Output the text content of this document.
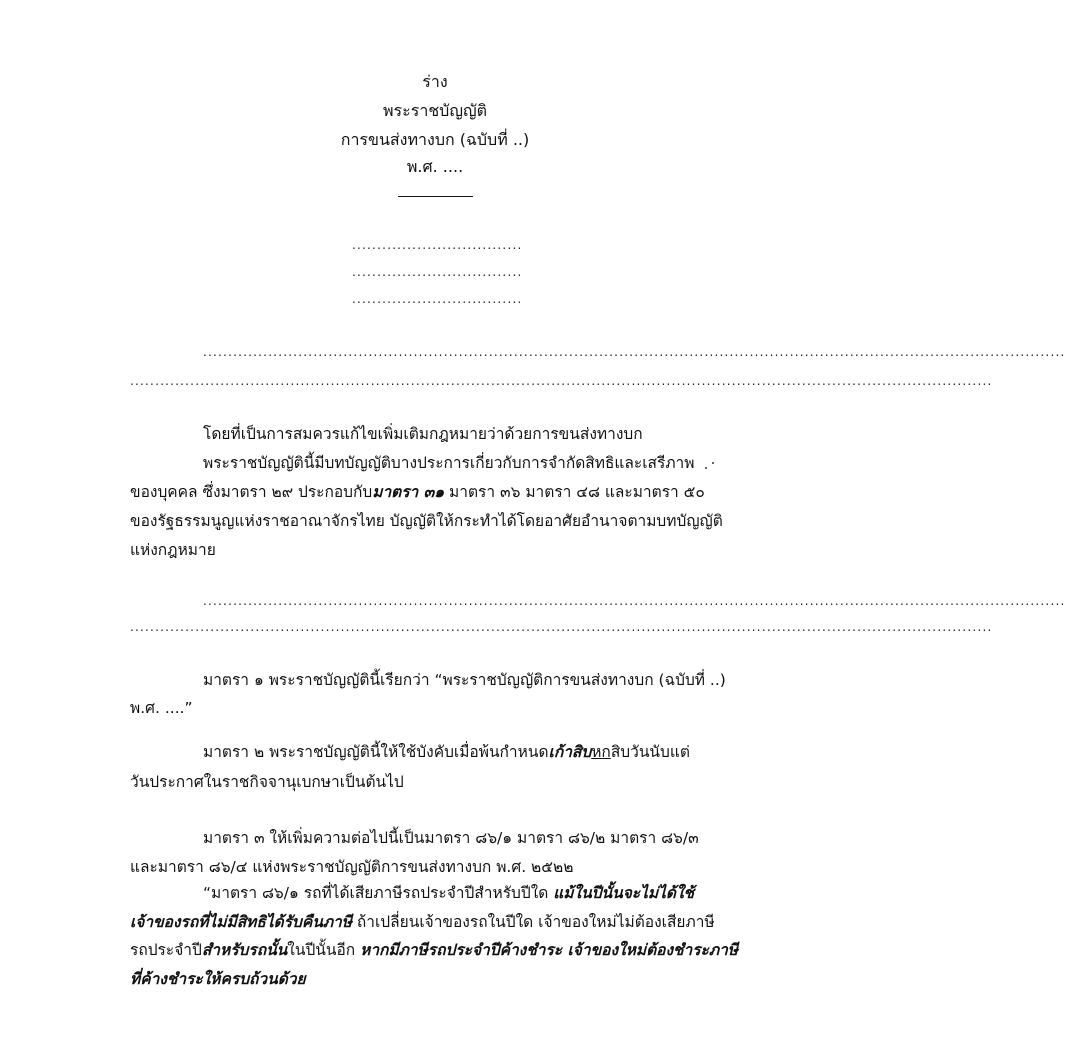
ร่าง
พระราชบัญญัติ
การขนส่งทางบก (ฉบับที่ ..)
พ.ศ. ....
..................................
..................................
..................................
............................................................................................................................................................................
............................................................................................................................................................................
โดยที่เป็นการสมควรแก้ไขเพิ่มเติมกฎหมายว่าด้วยการขนส่งทางบก
พระราชบัญญัตินี้มีบทบัญญัติบางประการเกี่ยวกับการจำกัดสิทธิและเสรีภาพ
ของบุคคล ซึ่งมาตรา ๒๙ ประกอบกับมาตรา ๓๑ มาตรา ๓๖ มาตรา ๔๘ และมาตรา ๕๐
ของรัฐธรรมนูญแห่งราชอาณาจักรไทย บัญญัติให้กระทำได้โดยอาศัยอำนาจตามบทบัญญัติ
แห่งกฎหมาย
............................................................................................................................................................................
............................................................................................................................................................................
มาตรา ๑ พระราชบัญญัตินี้เรียกว่า “พระราชบัญญัติการขนส่งทางบก (ฉบับที่ ..)
พ.ศ. ....”
มาตรา ๒ พระราชบัญญัตินี้ให้ใช้บังคับเมื่อพ้นกำหนดเก้าสิบหกสิบวันนับแต่
วันประกาศในราชกิจจานุเบกษาเป็นต้นไป
มาตรา ๓ ให้เพิ่มความต่อไปนี้เป็นมาตรา ๘๖/๑ มาตรา ๘๖/๒ มาตรา ๘๖/๓
และมาตรา ๘๖/๔ แห่งพระราชบัญญัติการขนส่งทางบก พ.ศ. ๒๕๒๒
“มาตรา ๘๖/๑ รถที่ได้เสียภาษีรถประจำปีสำหรับปีใด แม้ในปีนั้นจะไม่ได้ใช้
เจ้าของรถที่ไม่มีสิทธิได้รับคืนภาษี ถ้าเปลี่ยนเจ้าของรถในปีใด เจ้าของใหม่ไม่ต้องเสียภาษี
รถประจำปีสำหรับรถนั้นในปีนั้นอีก หากมีภาษีรถประจำปีค้างชำระ เจ้าของใหม่ต้องชำระภาษี
ที่ค้างชำระให้ครบถ้วนด้วย
